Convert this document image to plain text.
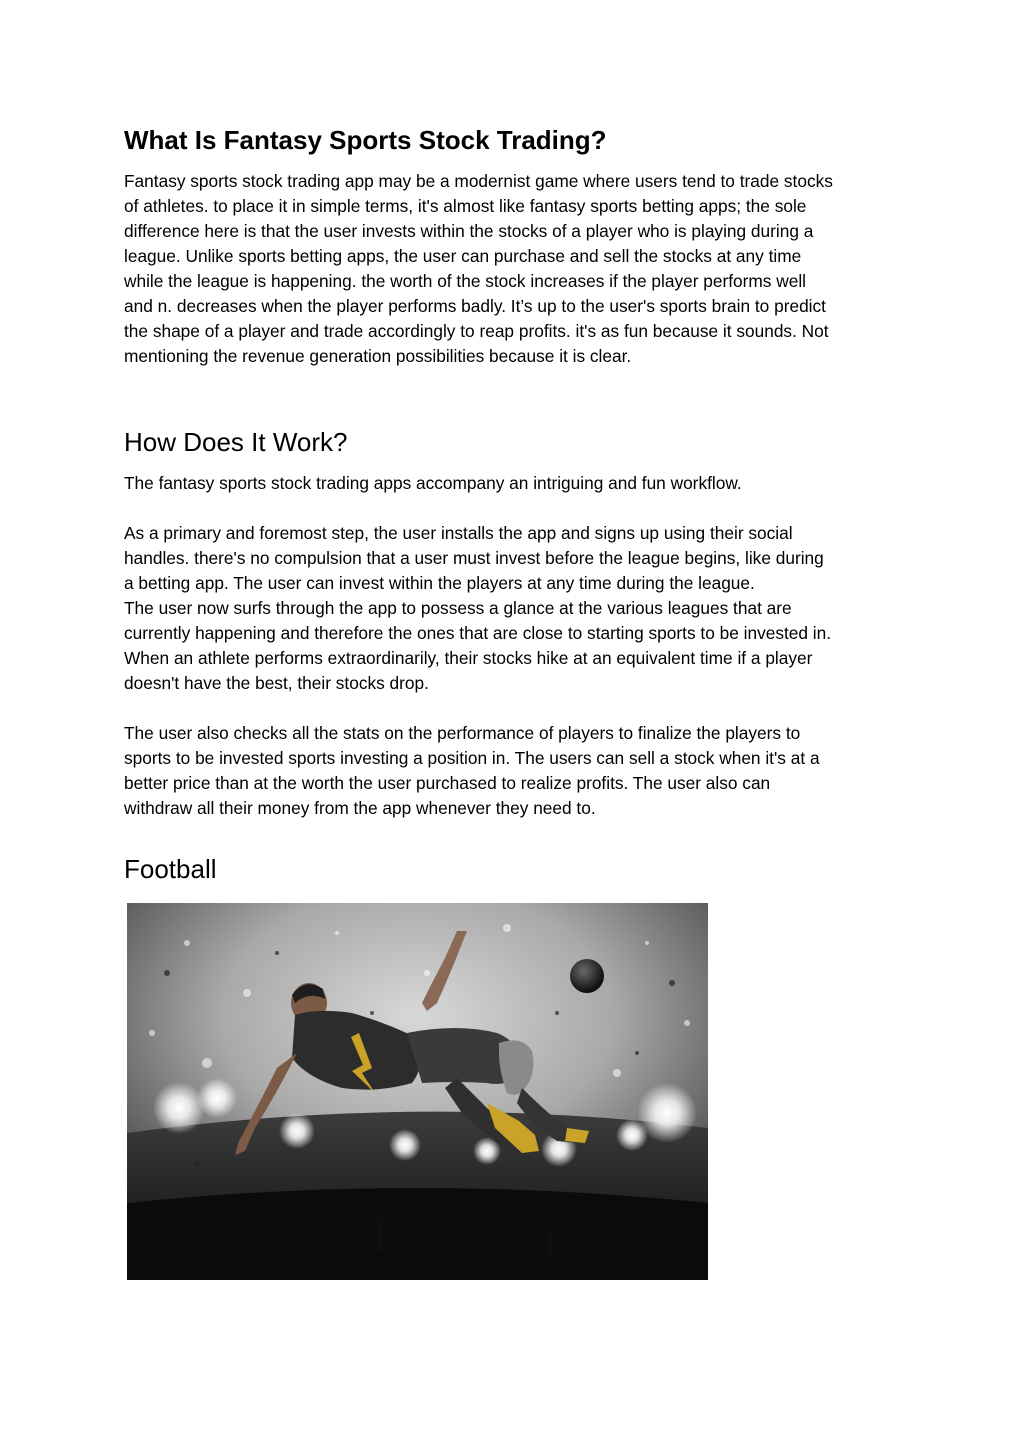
What Is Fantasy Sports Stock Trading?

Fantasy sports stock trading app may be a modernist game where users tend to trade stocks
of athletes. to place it in simple terms, it's almost like fantasy sports betting apps; the sole
difference here is that the user invests within the stocks of a player who is playing during a
league. Unlike sports betting apps, the user can purchase and sell the stocks at any time
while the league is happening. the worth of the stock increases if the player performs well
and n. decreases when the player performs badly. It’s up to the user's sports brain to predict
the shape of a player and trade accordingly to reap profits. it's as fun because it sounds. Not
mentioning the revenue generation possibilities because it is clear.

How Does It Work?

The fantasy sports stock trading apps accompany an intriguing and fun workflow.

As a primary and foremost step, the user installs the app and signs up using their social
handles. there's no compulsion that a user must invest before the league begins, like during
a betting app. The user can invest within the players at any time during the league.
The user now surfs through the app to possess a glance at the various leagues that are
currently happening and therefore the ones that are close to starting sports to be invested in.
When an athlete performs extraordinarily, their stocks hike at an equivalent time if a player
doesn't have the best, their stocks drop.

The user also checks all the stats on the performance of players to finalize the players to
sports to be invested sports investing a position in. The users can sell a stock when it's at a
better price than at the worth the user purchased to realize profits. The user also can
withdraw all their money from the app whenever they need to.

Football
